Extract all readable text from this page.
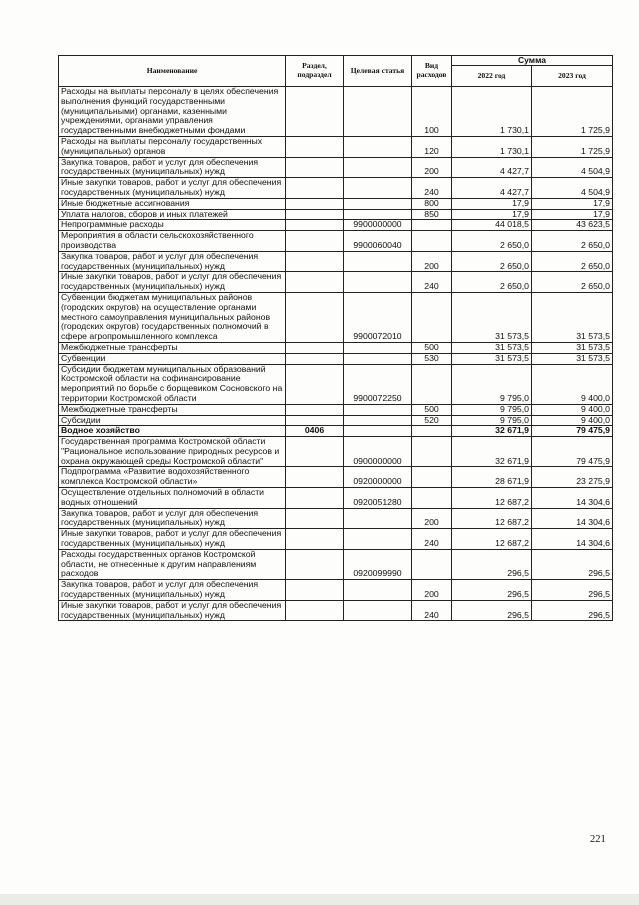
Наименование	Раздел, подраздел	Целевая статья	Вид расходов	Сумма	
				2022 год	2023 год
Расходы на выплаты персоналу в целях обеспечения выполнения функций государственными (муниципальными) органами, казенными учреждениями, органами управления государственными внебюджетными фондами			100	1 730,1	1 725,9
Расходы на выплаты персоналу государственных (муниципальных) органов			120	1 730,1	1 725,9
Закупка товаров, работ и услуг для обеспечения государственных (муниципальных) нужд			200	4 427,7	4 504,9
Иные закупки товаров, работ и услуг для обеспечения государственных (муниципальных) нужд			240	4 427,7	4 504,9
Иные бюджетные ассигнования			800	17,9	17,9
Уплата налогов, сборов и иных платежей			850	17,9	17,9
Непрограммные расходы		9900000000		44 018,5	43 623,5
Мероприятия в области сельскохозяйственного производства		9900060040		2 650,0	2 650,0
Закупка товаров, работ и услуг для обеспечения государственных (муниципальных) нужд			200	2 650,0	2 650,0
Иные закупки товаров, работ и услуг для обеспечения государственных (муниципальных) нужд			240	2 650,0	2 650,0
Субвенции бюджетам муниципальных районов (городских округов) на осуществление органами местного самоуправления муниципальных районов (городских округов) государственных полномочий в сфере агропромышленного комплекса		9900072010		31 573,5	31 573,5
Межбюджетные трансферты			500	31 573,5	31 573,5
Субвенции			530	31 573,5	31 573,5
Субсидии бюджетам муниципальных образований Костромской области на софинансирование мероприятий по борьбе с борщевиком Сосновского на территории Костромской области		9900072250		9 795,0	9 400,0
Межбюджетные трансферты			500	9 795,0	9 400,0
Субсидии			520	9 795,0	9 400,0
Водное хозяйство	0406			32 671,9	79 475,9
Государственная программа Костромской области "Рациональное использование природных ресурсов и охрана окружающей среды Костромской области"		0900000000		32 671,9	79 475,9
Подпрограмма «Развитие водохозяйственного комплекса Костромской области»		0920000000		28 671,9	23 275,9
Осуществление отдельных полномочий в области водных отношений		0920051280		12 687,2	14 304,6
Закупка товаров, работ и услуг для обеспечения государственных (муниципальных) нужд			200	12 687,2	14 304,6
Иные закупки товаров, работ и услуг для обеспечения государственных (муниципальных) нужд			240	12 687,2	14 304,6
Расходы государственных органов Костромской области, не отнесенные к другим направлениям расходов		0920099990		296,5	296,5
Закупка товаров, работ и услуг для обеспечения государственных (муниципальных) нужд			200	296,5	296,5
Иные закупки товаров, работ и услуг для обеспечения государственных (муниципальных) нужд			240	296,5	296,5
221
